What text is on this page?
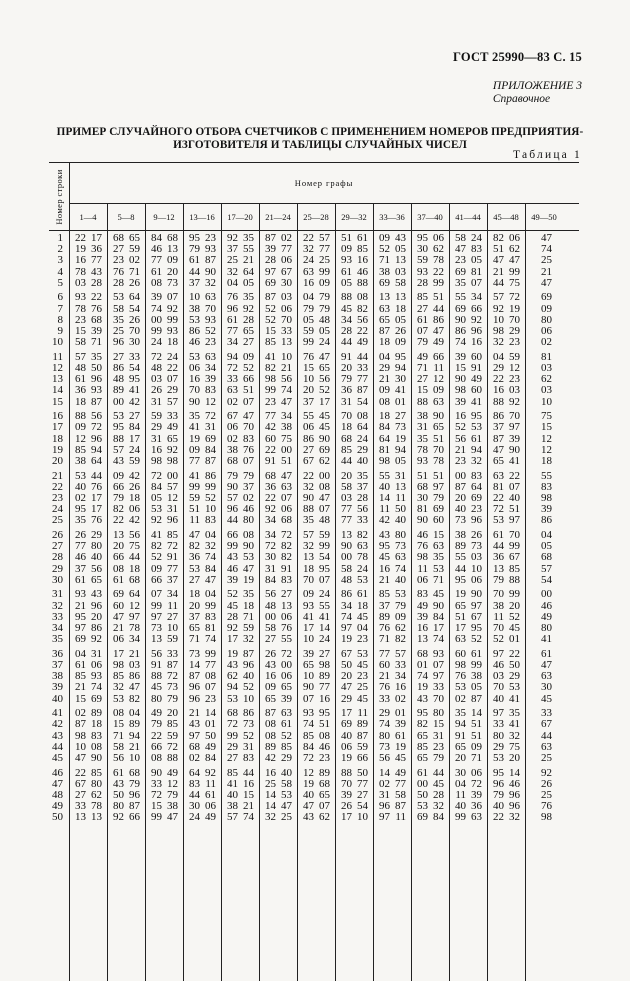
ГОСТ 25990—83 С. 15
ПРИЛОЖЕНИЕ 3
Справочное
ПРИМЕР СЛУЧАЙНОГО ОТБОРА СЧЕТЧИКОВ С ПРИМЕНЕНИЕМ НОМЕРОВ ПРЕДПРИЯТИЯ-
ИЗГОТОВИТЕЛЯ И ТАБЛИЦЫ СЛУЧАЙНЫХ ЧИСЕЛ
Таблица 1
Номер строки	Номер графы
1—4	5—8	9—12	13—16	17—20	21—24	25—28	29—32	33—36	37—40	41—44	45—48	49—50
1	22 17	68 65	84 68	95 23	92 35	87 02	22 57	51 61	09 43	95 06	58 24	82 06	47
2	19 36	27 59	46 13	79 93	37 55	39 77	32 77	09 85	52 05	30 62	47 83	51 62	74
3	16 77	23 02	77 09	61 87	25 21	28 06	24 25	93 16	71 13	59 78	23 05	47 47	25
4	78 43	76 71	61 20	44 90	32 64	97 67	63 99	61 46	38 03	93 22	69 81	21 99	21
5	03 28	28 26	08 73	37 32	04 05	69 30	16 09	05 88	69 58	28 99	35 07	44 75	47
6	93 22	53 64	39 07	10 63	76 35	87 03	04 79	88 08	13 13	85 51	55 34	57 72	69
7	78 76	58 54	74 92	38 70	96 92	52 06	79 79	45 82	63 18	27 44	69 66	92 19	09
8	23 68	35 26	00 99	53 93	61 28	52 70	05 48	34 56	65 05	61 86	90 92	10 70	80
9	15 39	25 70	99 93	86 52	77 65	15 33	59 05	28 22	87 26	07 47	86 96	98 29	06
10	58 71	96 30	24 18	46 23	34 27	85 13	99 24	44 49	18 09	79 49	74 16	32 23	02
11	57 35	27 33	72 24	53 63	94 09	41 10	76 47	91 44	04 95	49 66	39 60	04 59	81
12	48 50	86 54	48 22	06 34	72 52	82 21	15 65	20 33	29 94	71 11	15 91	29 12	03
13	61 96	48 95	03 07	16 39	33 66	98 56	10 56	79 77	21 30	27 12	90 49	22 23	62
14	36 93	89 41	26 29	70 83	63 51	99 74	20 52	36 87	09 41	15 09	98 60	16 03	03
15	18 87	00 42	31 57	90 12	02 07	23 47	37 17	31 54	08 01	88 63	39 41	88 92	10
16	88 56	53 27	59 33	35 72	67 47	77 34	55 45	70 08	18 27	38 90	16 95	86 70	75
17	09 72	95 84	29 49	41 31	06 70	42 38	06 45	18 64	84 73	31 65	52 53	37 97	15
18	12 96	88 17	31 65	19 69	02 83	60 75	86 90	68 24	64 19	35 51	56 61	87 39	12
19	85 94	57 24	16 92	09 84	38 76	22 00	27 69	85 29	81 94	78 70	21 94	47 90	12
20	38 64	43 59	98 98	77 87	68 07	91 51	67 62	44 40	98 05	93 78	23 32	65 41	18
21	53 44	09 42	72 00	41 86	79 79	68 47	22 00	20 35	55 31	51 51	00 83	63 22	55
22	40 76	66 26	84 57	99 99	90 37	36 63	32 08	58 37	40 13	68 97	87 64	81 07	83
23	02 17	79 18	05 12	59 52	57 02	22 07	90 47	03 28	14 11	30 79	20 69	22 40	98
24	95 17	82 06	53 31	51 10	96 46	92 06	88 07	77 56	11 50	81 69	40 23	72 51	39
25	35 76	22 42	92 96	11 83	44 80	34 68	35 48	77 33	42 40	90 60	73 96	53 97	86
26	26 29	13 56	41 85	47 04	66 08	34 72	57 59	13 82	43 80	46 15	38 26	61 70	04
27	77 80	20 75	82 72	82 32	99 90	72 82	32 99	90 63	95 73	76 63	89 73	44 99	05
28	46 40	66 44	52 91	36 74	43 53	30 82	13 54	00 78	45 63	98 35	55 03	36 67	68
29	37 56	08 18	09 77	53 84	46 47	31 91	18 95	58 24	16 74	11 53	44 10	13 85	57
30	61 65	61 68	66 37	27 47	39 19	84 83	70 07	48 53	21 40	06 71	95 06	79 88	54
31	93 43	69 64	07 34	18 04	52 35	56 27	09 24	86 61	85 53	83 45	19 90	70 99	00
32	21 96	60 12	99 11	20 99	45 18	48 13	93 55	34 18	37 79	49 90	65 97	38 20	46
33	95 20	47 97	97 27	37 83	28 71	00 06	41 41	74 45	89 09	39 84	51 67	11 52	49
34	97 86	21 78	73 10	65 81	92 59	58 76	17 14	97 04	76 62	16 17	17 95	70 45	80
35	69 92	06 34	13 59	71 74	17 32	27 55	10 24	19 23	71 82	13 74	63 52	52 01	41
36	04 31	17 21	56 33	73 99	19 87	26 72	39 27	67 53	77 57	68 93	60 61	97 22	61
37	61 06	98 03	91 87	14 77	43 96	43 00	65 98	50 45	60 33	01 07	98 99	46 50	47
38	85 93	85 86	88 72	87 08	62 40	16 06	10 89	20 23	21 34	74 97	76 38	03 29	63
39	21 74	32 47	45 73	96 07	94 52	09 65	90 77	47 25	76 16	19 33	53 05	70 53	30
40	15 69	53 82	80 79	96 23	53 10	65 39	07 16	29 45	33 02	43 70	02 87	40 41	45
41	02 89	08 04	49 20	21 14	68 86	87 63	93 95	17 11	29 01	95 80	35 14	97 35	33
42	87 18	15 89	79 85	43 01	72 73	08 61	74 51	69 89	74 39	82 15	94 51	33 41	67
43	98 83	71 94	22 59	97 50	99 52	08 52	85 08	40 87	80 61	65 31	91 51	80 32	44
44	10 08	58 21	66 72	68 49	29 31	89 85	84 46	06 59	73 19	85 23	65 09	29 75	63
45	47 90	56 10	08 88	02 84	27 83	42 29	72 23	19 66	56 45	65 79	20 71	53 20	25
46	22 85	61 68	90 49	64 92	85 44	16 40	12 89	88 50	14 49	61 44	30 06	95 14	92
47	67 80	43 79	33 12	83 11	41 16	25 58	19 68	70 77	02 77	00 45	04 72	96 46	26
48	27 62	50 96	72 79	44 61	40 15	14 53	40 65	39 27	31 58	50 28	11 39	79 96	25
49	33 78	80 87	15 38	30 06	38 21	14 47	47 07	26 54	96 87	53 32	40 36	40 96	76
50	13 13	92 66	99 47	24 49	57 74	32 25	43 62	17 10	97 11	69 84	99 63	22 32	98
